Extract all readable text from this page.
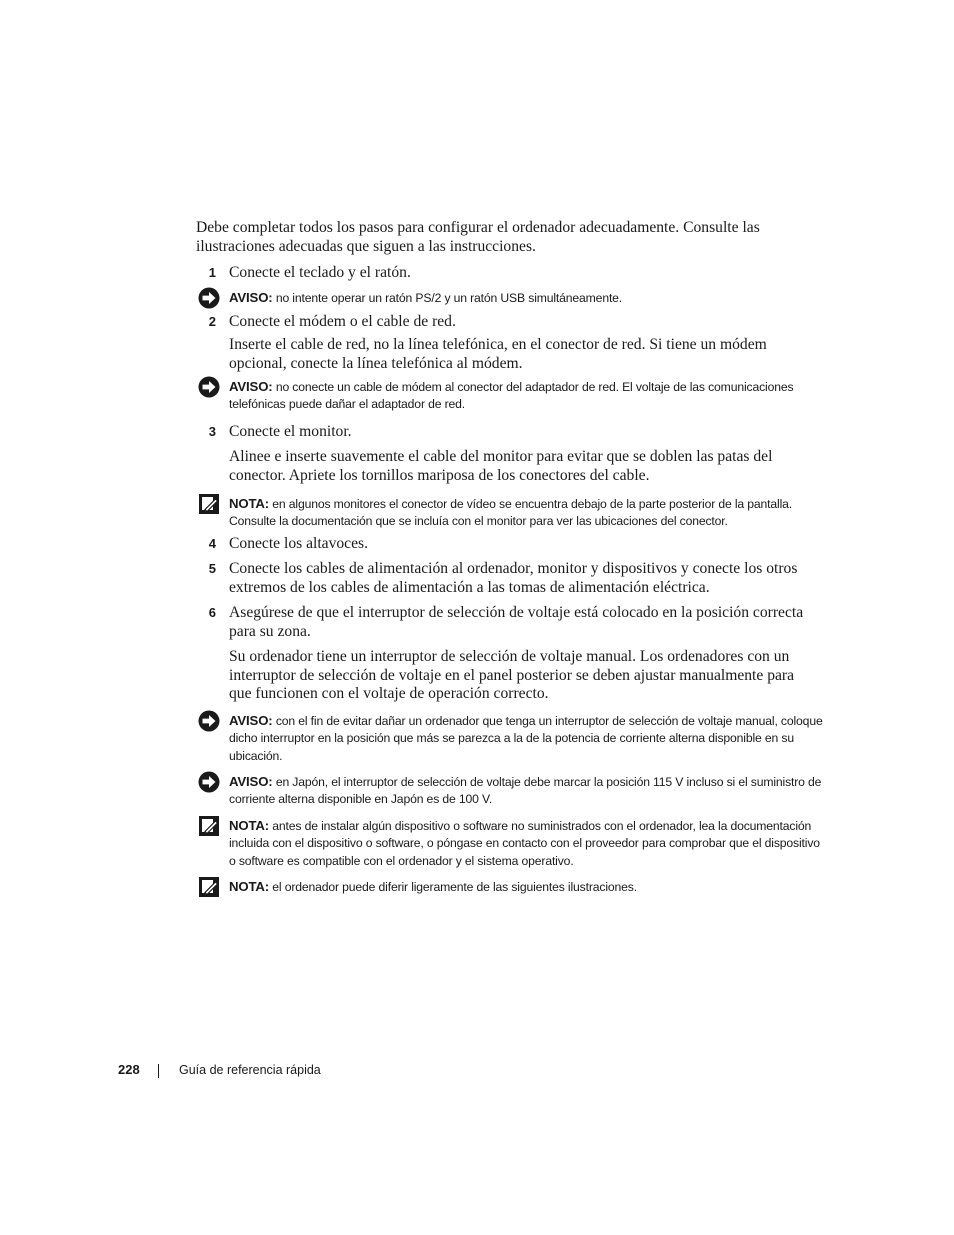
Debe completar todos los pasos para configurar el ordenador adecuadamente. Consulte las ilustraciones adecuadas que siguen a las instrucciones.
1 Conecte el teclado y el ratón.
AVISO: no intente operar un ratón PS/2 y un ratón USB simultáneamente.
2 Conecte el módem o el cable de red.
Inserte el cable de red, no la línea telefónica, en el conector de red. Si tiene un módem opcional, conecte la línea telefónica al módem.
AVISO: no conecte un cable de módem al conector del adaptador de red. El voltaje de las comunicaciones telefónicas puede dañar el adaptador de red.
3 Conecte el monitor.
Alinee e inserte suavemente el cable del monitor para evitar que se doblen las patas del conector. Apriete los tornillos mariposa de los conectores del cable.
NOTA: en algunos monitores el conector de vídeo se encuentra debajo de la parte posterior de la pantalla. Consulte la documentación que se incluía con el monitor para ver las ubicaciones del conector.
4 Conecte los altavoces.
5 Conecte los cables de alimentación al ordenador, monitor y dispositivos y conecte los otros extremos de los cables de alimentación a las tomas de alimentación eléctrica.
6 Asegúrese de que el interruptor de selección de voltaje está colocado en la posición correcta para su zona.
Su ordenador tiene un interruptor de selección de voltaje manual. Los ordenadores con un interruptor de selección de voltaje en el panel posterior se deben ajustar manualmente para que funcionen con el voltaje de operación correcto.
AVISO: con el fin de evitar dañar un ordenador que tenga un interruptor de selección de voltaje manual, coloque dicho interruptor en la posición que más se parezca a la de la potencia de corriente alterna disponible en su ubicación.
AVISO: en Japón, el interruptor de selección de voltaje debe marcar la posición 115 V incluso si el suministro de corriente alterna disponible en Japón es de 100 V.
NOTA: antes de instalar algún dispositivo o software no suministrados con el ordenador, lea la documentación incluida con el dispositivo o software, o póngase en contacto con el proveedor para comprobar que el dispositivo o software es compatible con el ordenador y el sistema operativo.
NOTA: el ordenador puede diferir ligeramente de las siguientes ilustraciones.
228	Guía de referencia rápida
